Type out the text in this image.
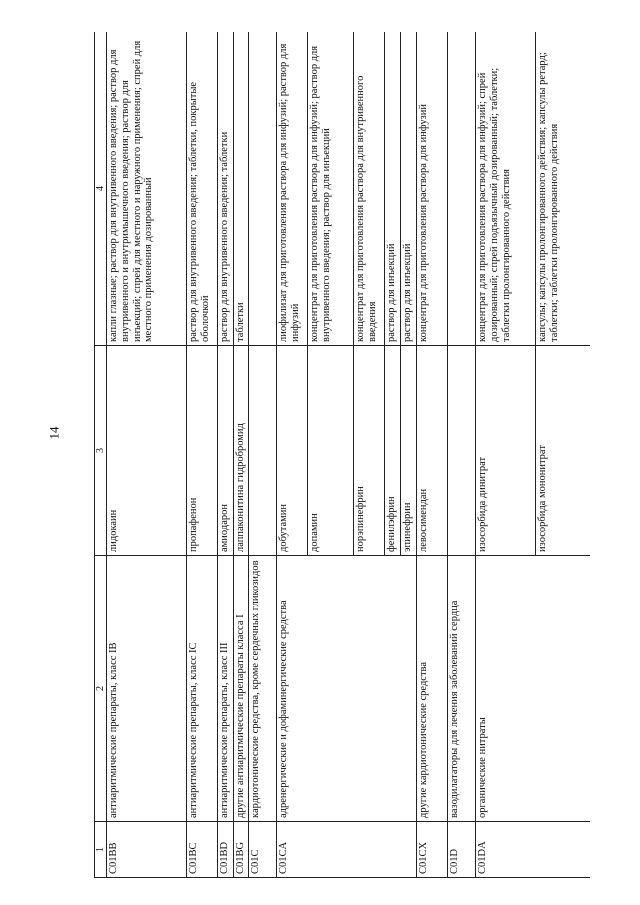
14
1	2	3	4
C01BB	антиаритмические препараты, класс IB	лидокаин	капли глазные; раствор для внутривенного введения; раствор для внутривенного и внутримышечного введения; раствор для инъекций; спрей для местного и наружного применения; спрей для местного применения дозированный
C01BC	антиаритмические препараты, класс IC	пропафенон	раствор для внутривенного введения; таблетки, покрытые оболочкой
C01BD	антиаритмические препараты, класс III	амиодарон	раствор для внутривенного введения; таблетки
C01BG	другие антиаритмические препараты класса I	лаппаконитина гидробромид	таблетки
C01C	кардиотонические средства, кроме сердечных гликозидов		
C01CA	адренергические и дофаминергические средства	добутамин	лиофилизат для приготовления раствора для инфузий; раствор для инфузий
		допамин	концентрат для приготовления раствора для инфузий; раствор для внутривенного введения; раствор для инъекций
		норэпинефрин	концентрат для приготовления раствора для внутривенного введения
		фенилэфрин	раствор для инъекций
		эпинефрин	раствор для инъекций
C01CX	другие кардиотонические средства	левосимендан	концентрат для приготовления раствора для инфузий
C01D	вазодилататоры для лечения заболеваний сердца		
C01DA	органические нитраты	изосорбида динитрат	концентрат для приготовления раствора для инфузий; спрей дозированный; спрей подъязычный дозированный; таблетки; таблетки пролонгированного действия
		изосорбида мононитрат	капсулы; капсулы пролонгированного действия; капсулы ретард; таблетки; таблетки пролонгированного действия
